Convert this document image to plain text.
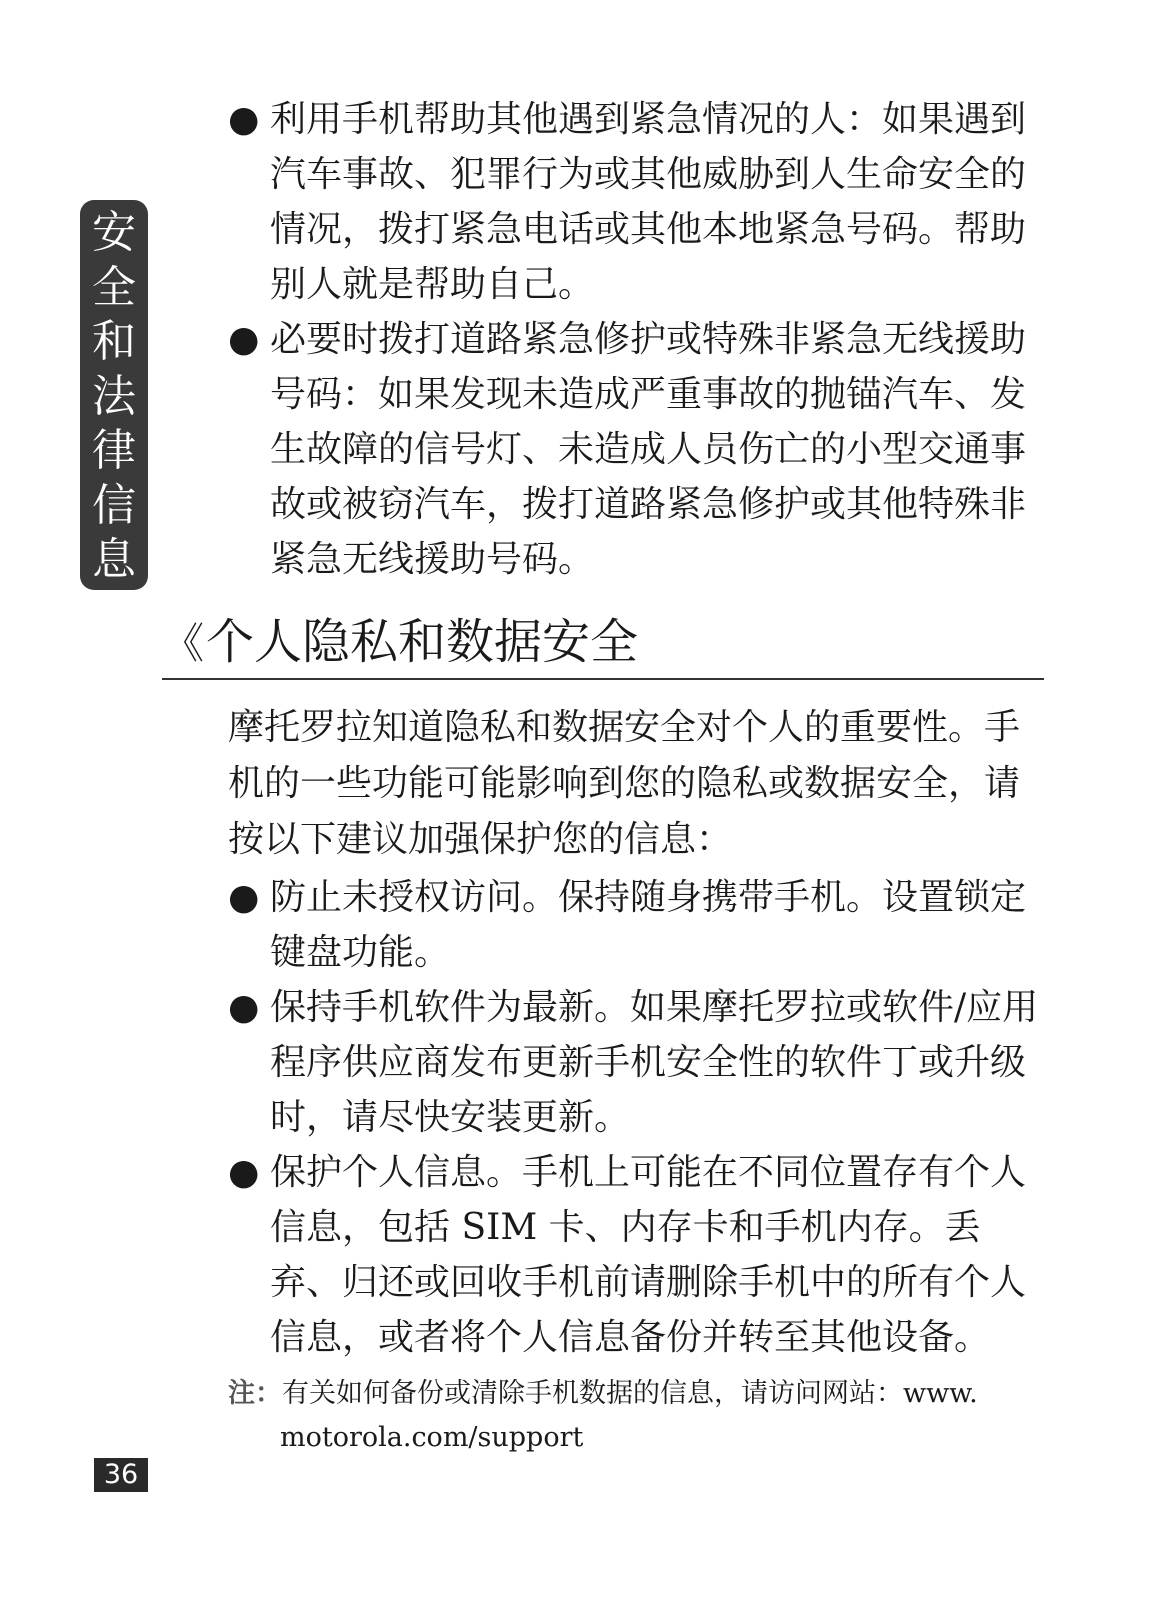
安
全
和
法
律
信
息
● 利用手机帮助其他遇到紧急情况的人：如果遇到汽车事故、犯罪行为或其他威胁到人生命安全的情况，拨打紧急电话或其他本地紧急号码。帮助别人就是帮助自己。
● 必要时拨打道路紧急修护或特殊非紧急无线援助号码：如果发现未造成严重事故的抛锚汽车、发生故障的信号灯、未造成人员伤亡的小型交通事故或被窃汽车，拨打道路紧急修护或其他特殊非紧急无线援助号码。
《个人隐私和数据安全
摩托罗拉知道隐私和数据安全对个人的重要性。手机的一些功能可能影响到您的隐私或数据安全，请按以下建议加强保护您的信息：
● 防止未授权访问。保持随身携带手机。设置锁定键盘功能。
● 保持手机软件为最新。如果摩托罗拉或软件/应用程序供应商发布更新手机安全性的软件丁或升级时，请尽快安装更新。
● 保护个人信息。手机上可能在不同位置存有个人信息，包括 SIM 卡、内存卡和手机内存。丢弃、归还或回收手机前请删除手机中的所有个人信息，或者将个人信息备份并转至其他设备。
注：有关如何备份或清除手机数据的信息，请访问网站：www.
motorola.com/support
36
